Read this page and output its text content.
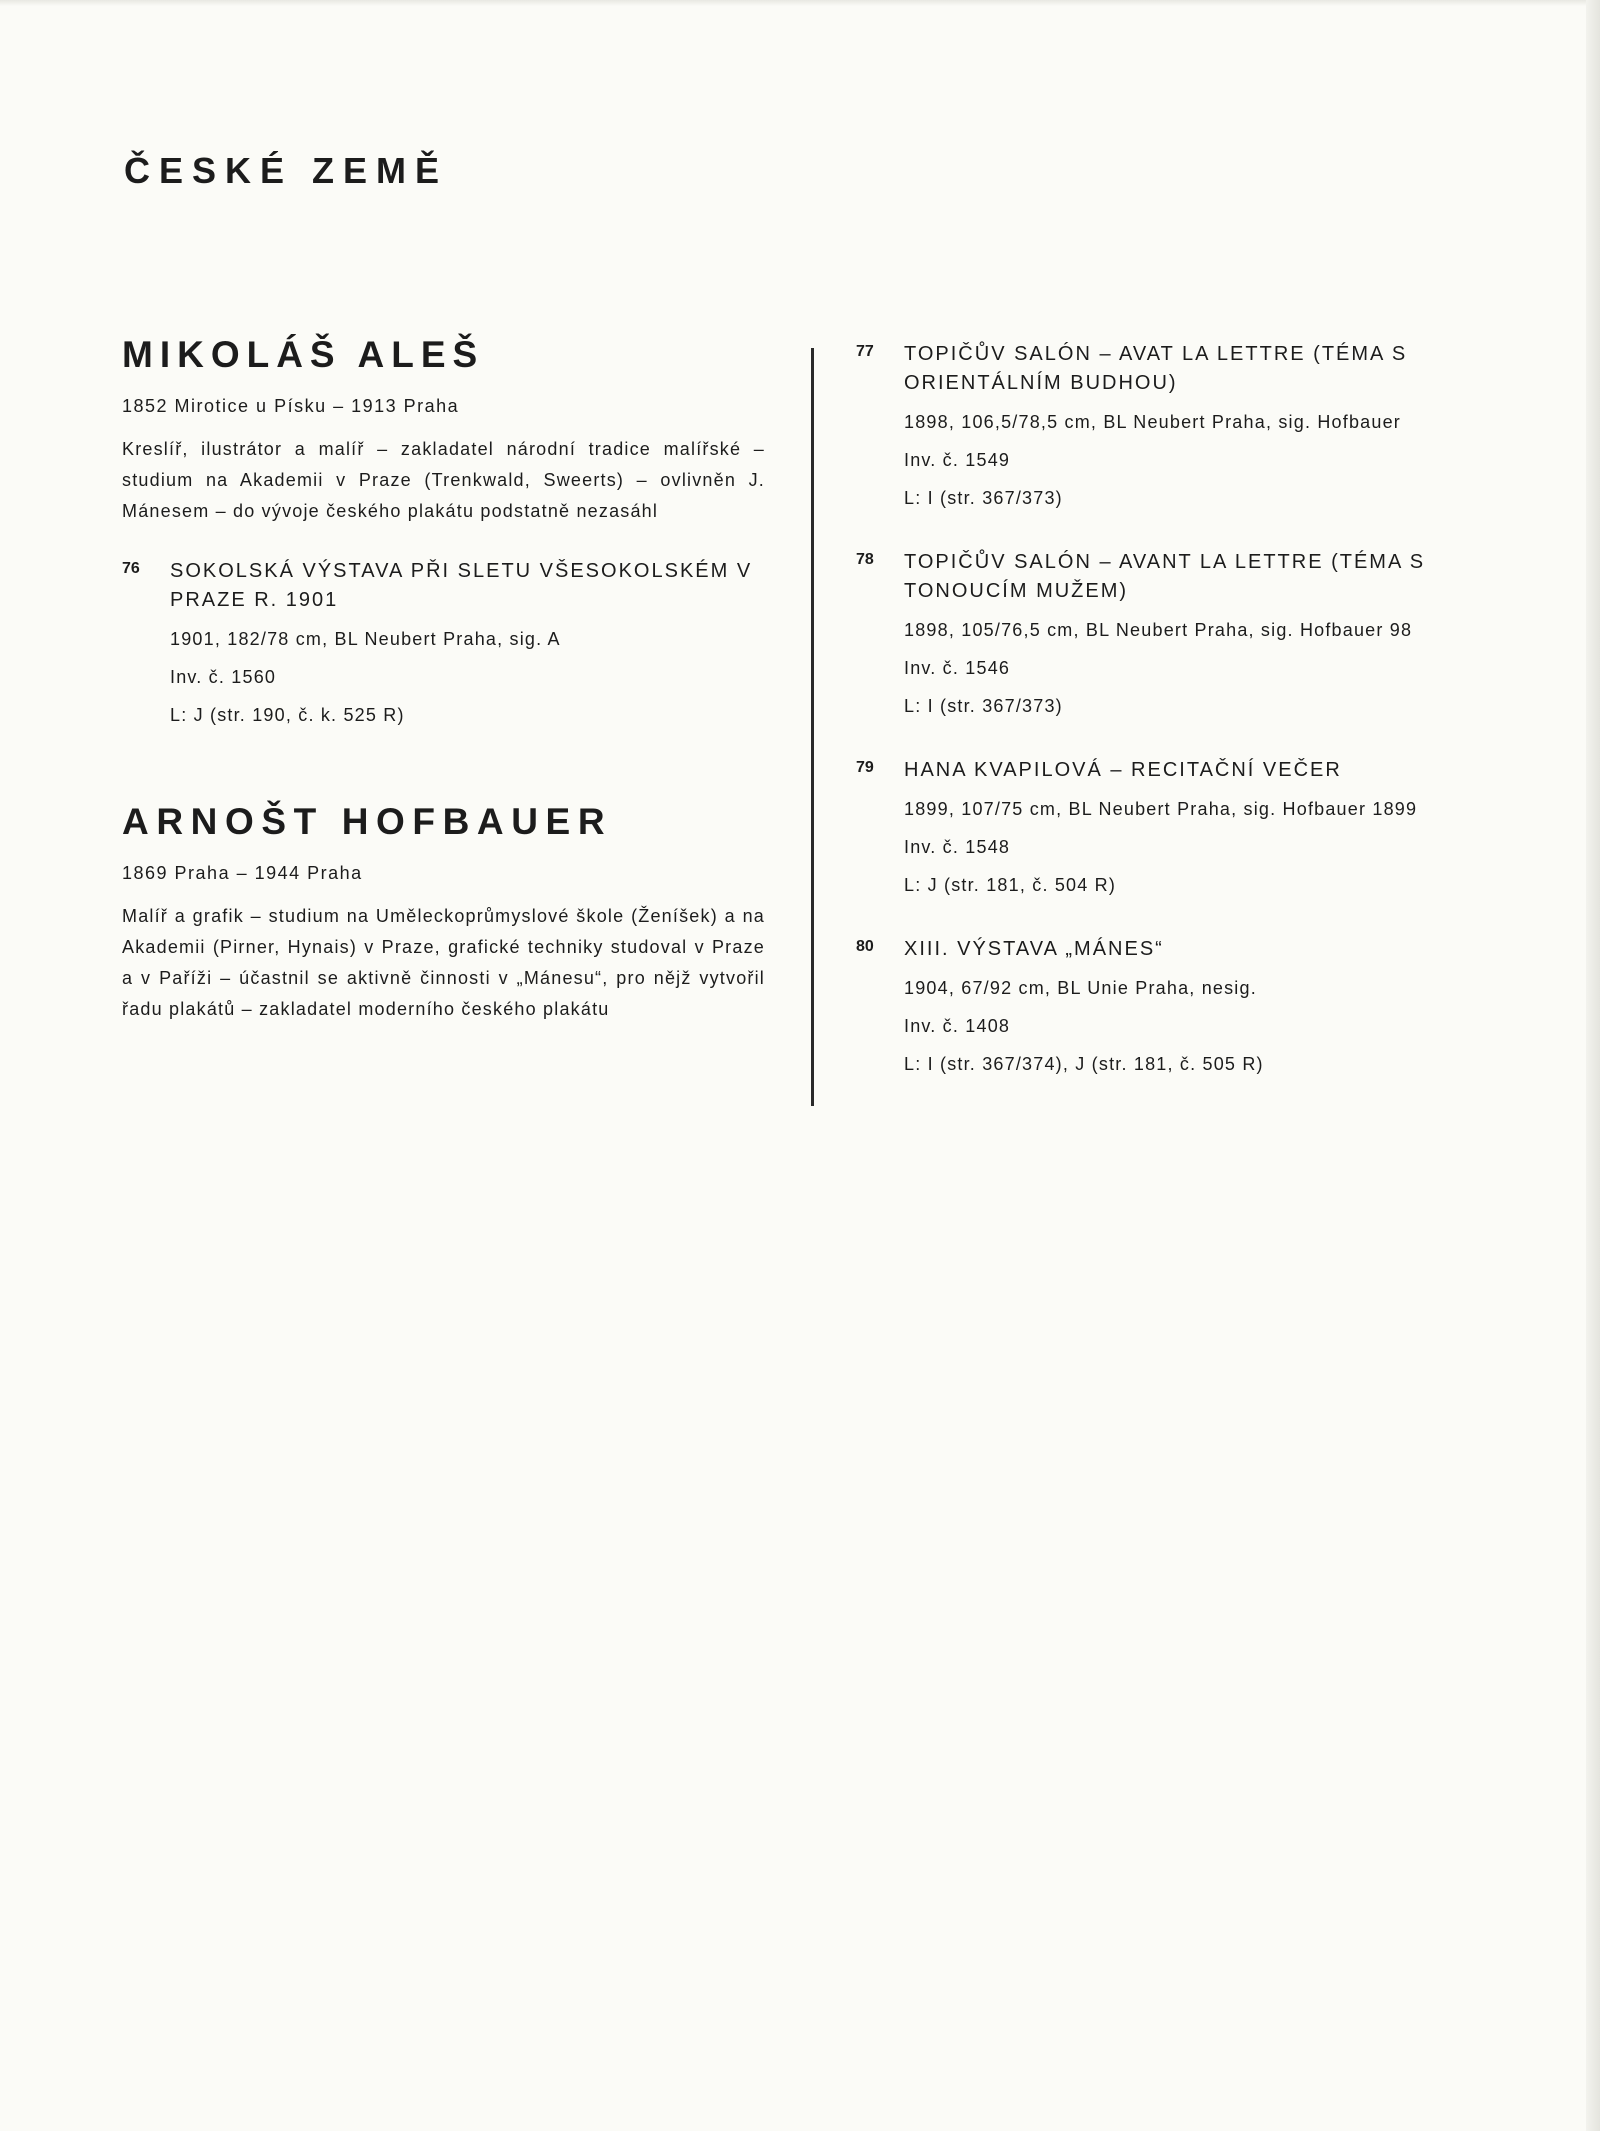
ČESKÉ ZEMĚ
MIKOLÁŠ ALEŠ
1852 Mirotice u Písku – 1913 Praha
Kreslíř, ilustrátor a malíř – zakladatel národní tradice malířské – studium na Akademii v Praze (Trenkwald, Sweerts) – ovlivněn J. Mánesem – do vývoje českého plakátu podstatně nezasáhl
76 SOKOLSKÁ VÝSTAVA PŘI SLETU VŠESOKOLSKÉM V PRAZE R. 1901
1901, 182/78 cm, BL Neubert Praha, sig. A
Inv. č. 1560
L: J (str. 190, č. k. 525 R)
ARNOŠT HOFBAUER
1869 Praha – 1944 Praha
Malíř a grafik – studium na Uměleckoprůmyslové škole (Ženíšek) a na Akademii (Pirner, Hynais) v Praze, grafické techniky studoval v Praze a v Paříži – účastnil se aktivně činnosti v „Mánesu“, pro nějž vytvořil řadu plakátů – zakladatel moderního českého plakátu
77 TOPIČŮV SALÓN – AVAT LA LETTRE (TÉMA S ORIENTÁLNÍM BUDHOU)
1898, 106,5/78,5 cm, BL Neubert Praha, sig. Hofbauer
Inv. č. 1549
L: I (str. 367/373)
78 TOPIČŮV SALÓN – AVANT LA LETTRE (TÉMA S TONOUCÍM MUŽEM)
1898, 105/76,5 cm, BL Neubert Praha, sig. Hofbauer 98
Inv. č. 1546
L: I (str. 367/373)
79 HANA KVAPILOVÁ – RECITAČNÍ VEČER
1899, 107/75 cm, BL Neubert Praha, sig. Hofbauer 1899
Inv. č. 1548
L: J (str. 181, č. 504 R)
80 XIII. VÝSTAVA „MÁNES“
1904, 67/92 cm, BL Unie Praha, nesig.
Inv. č. 1408
L: I (str. 367/374), J (str. 181, č. 505 R)
